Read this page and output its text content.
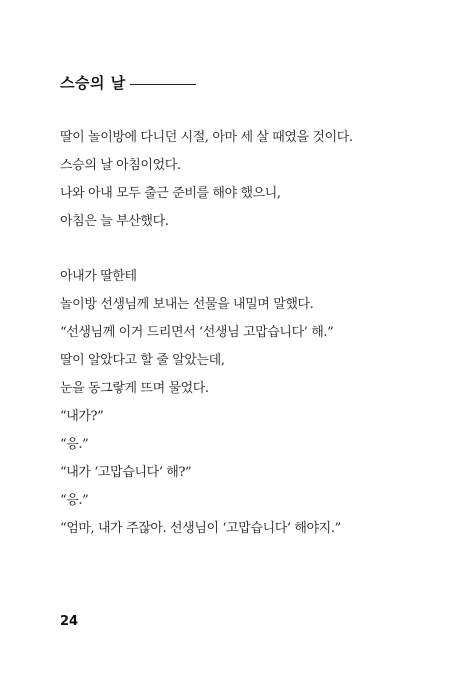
스승의 날
딸이 놀이방에 다니던 시절, 아마 세 살 때였을 것이다.
스승의 날 아침이었다.
나와 아내 모두 출근 준비를 해야 했으니,
아침은 늘 부산했다.
아내가 딸한테
놀이방 선생님께 보내는 선물을 내밀며 말했다.
“선생님께 이거 드리면서 ‘선생님 고맙습니다’ 해.”
딸이 알았다고 할 줄 알았는데,
눈을 동그랗게 뜨며 물었다.
“내가?”
“응.”
“내가 ‘고맙습니다’ 해?”
“응.”
“엄마, 내가 주잖아. 선생님이 ‘고맙습니다’ 해야지.”
24
